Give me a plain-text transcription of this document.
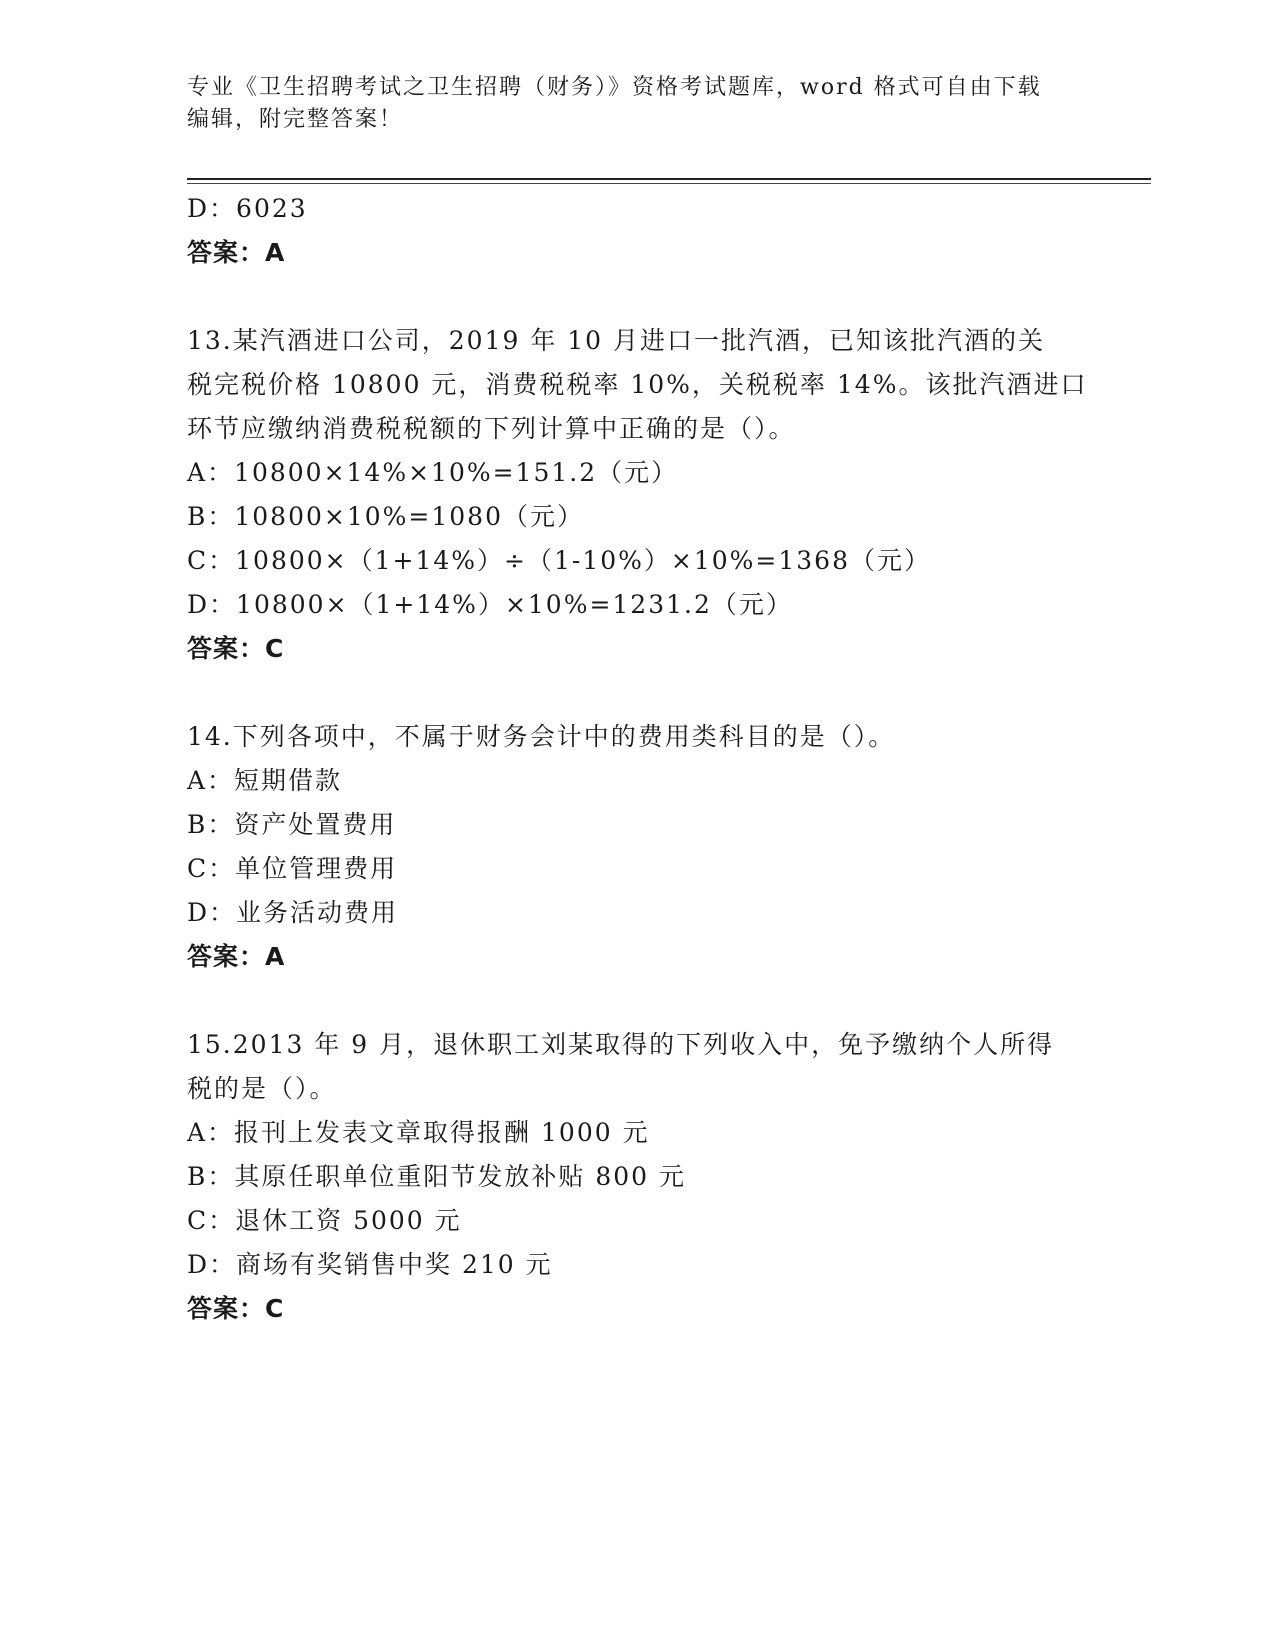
专业《卫生招聘考试之卫生招聘（财务）》资格考试题库，word 格式可自由下载
编辑，附完整答案！
D：6023
答案：A
13.某汽酒进口公司，2019 年 10 月进口一批汽酒，已知该批汽酒的关
税完税价格 10800 元，消费税税率 10%，关税税率 14%。该批汽酒进口
环节应缴纳消费税税额的下列计算中正确的是（）。
A：10800×14%×10%=151.2（元）
B：10800×10%=1080（元）
C：10800×（1+14%）÷（1-10%）×10%=1368（元）
D：10800×（1+14%）×10%=1231.2（元）
答案：C
14.下列各项中，不属于财务会计中的费用类科目的是（）。
A：短期借款
B：资产处置费用
C：单位管理费用
D：业务活动费用
答案：A
15.2013 年 9 月，退休职工刘某取得的下列收入中，免予缴纳个人所得
税的是（）。
A：报刊上发表文章取得报酬 1000 元
B：其原任职单位重阳节发放补贴 800 元
C：退休工资 5000 元
D：商场有奖销售中奖 210 元
答案：C
